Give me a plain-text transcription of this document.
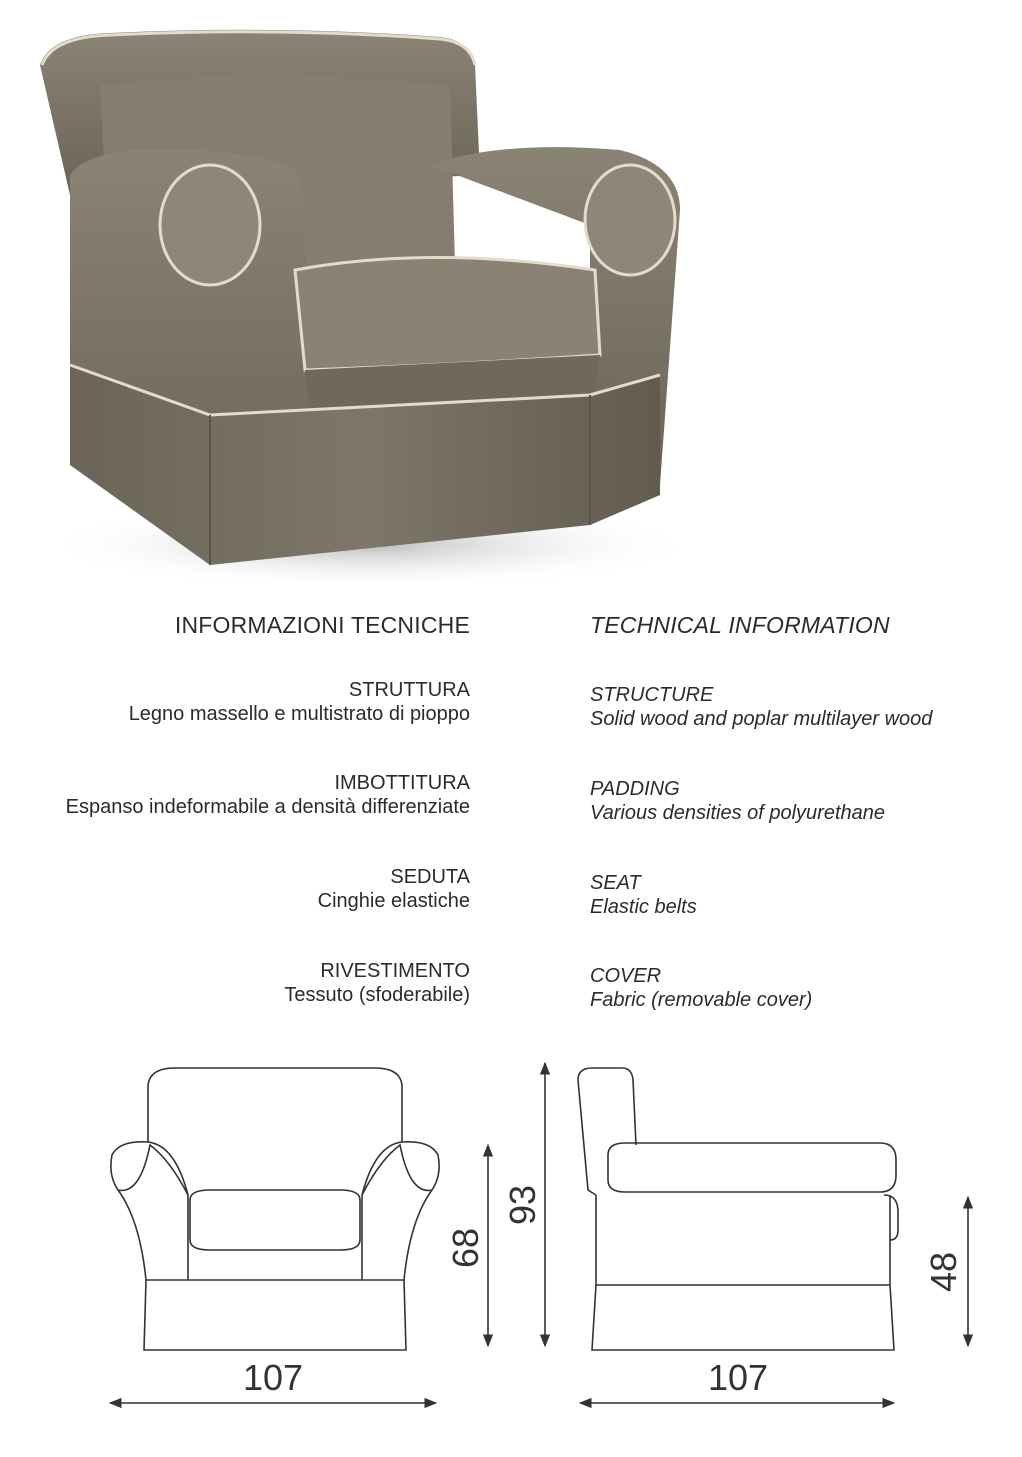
INFORMAZIONI TECNICHE	TECHNICAL INFORMATION
STRUTTURA
Legno massello e multistrato di pioppo
IMBOTTITURA
Espanso indeformabile a densità differenziate
SEDUTA
Cinghie elastiche
RIVESTIMENTO
Tessuto (sfoderabile)
STRUCTURE
Solid wood and poplar multilayer wood
PADDING
Various densities of polyurethane
SEAT
Elastic belts
COVER
Fabric (removable cover)
107	107
68
93
48
